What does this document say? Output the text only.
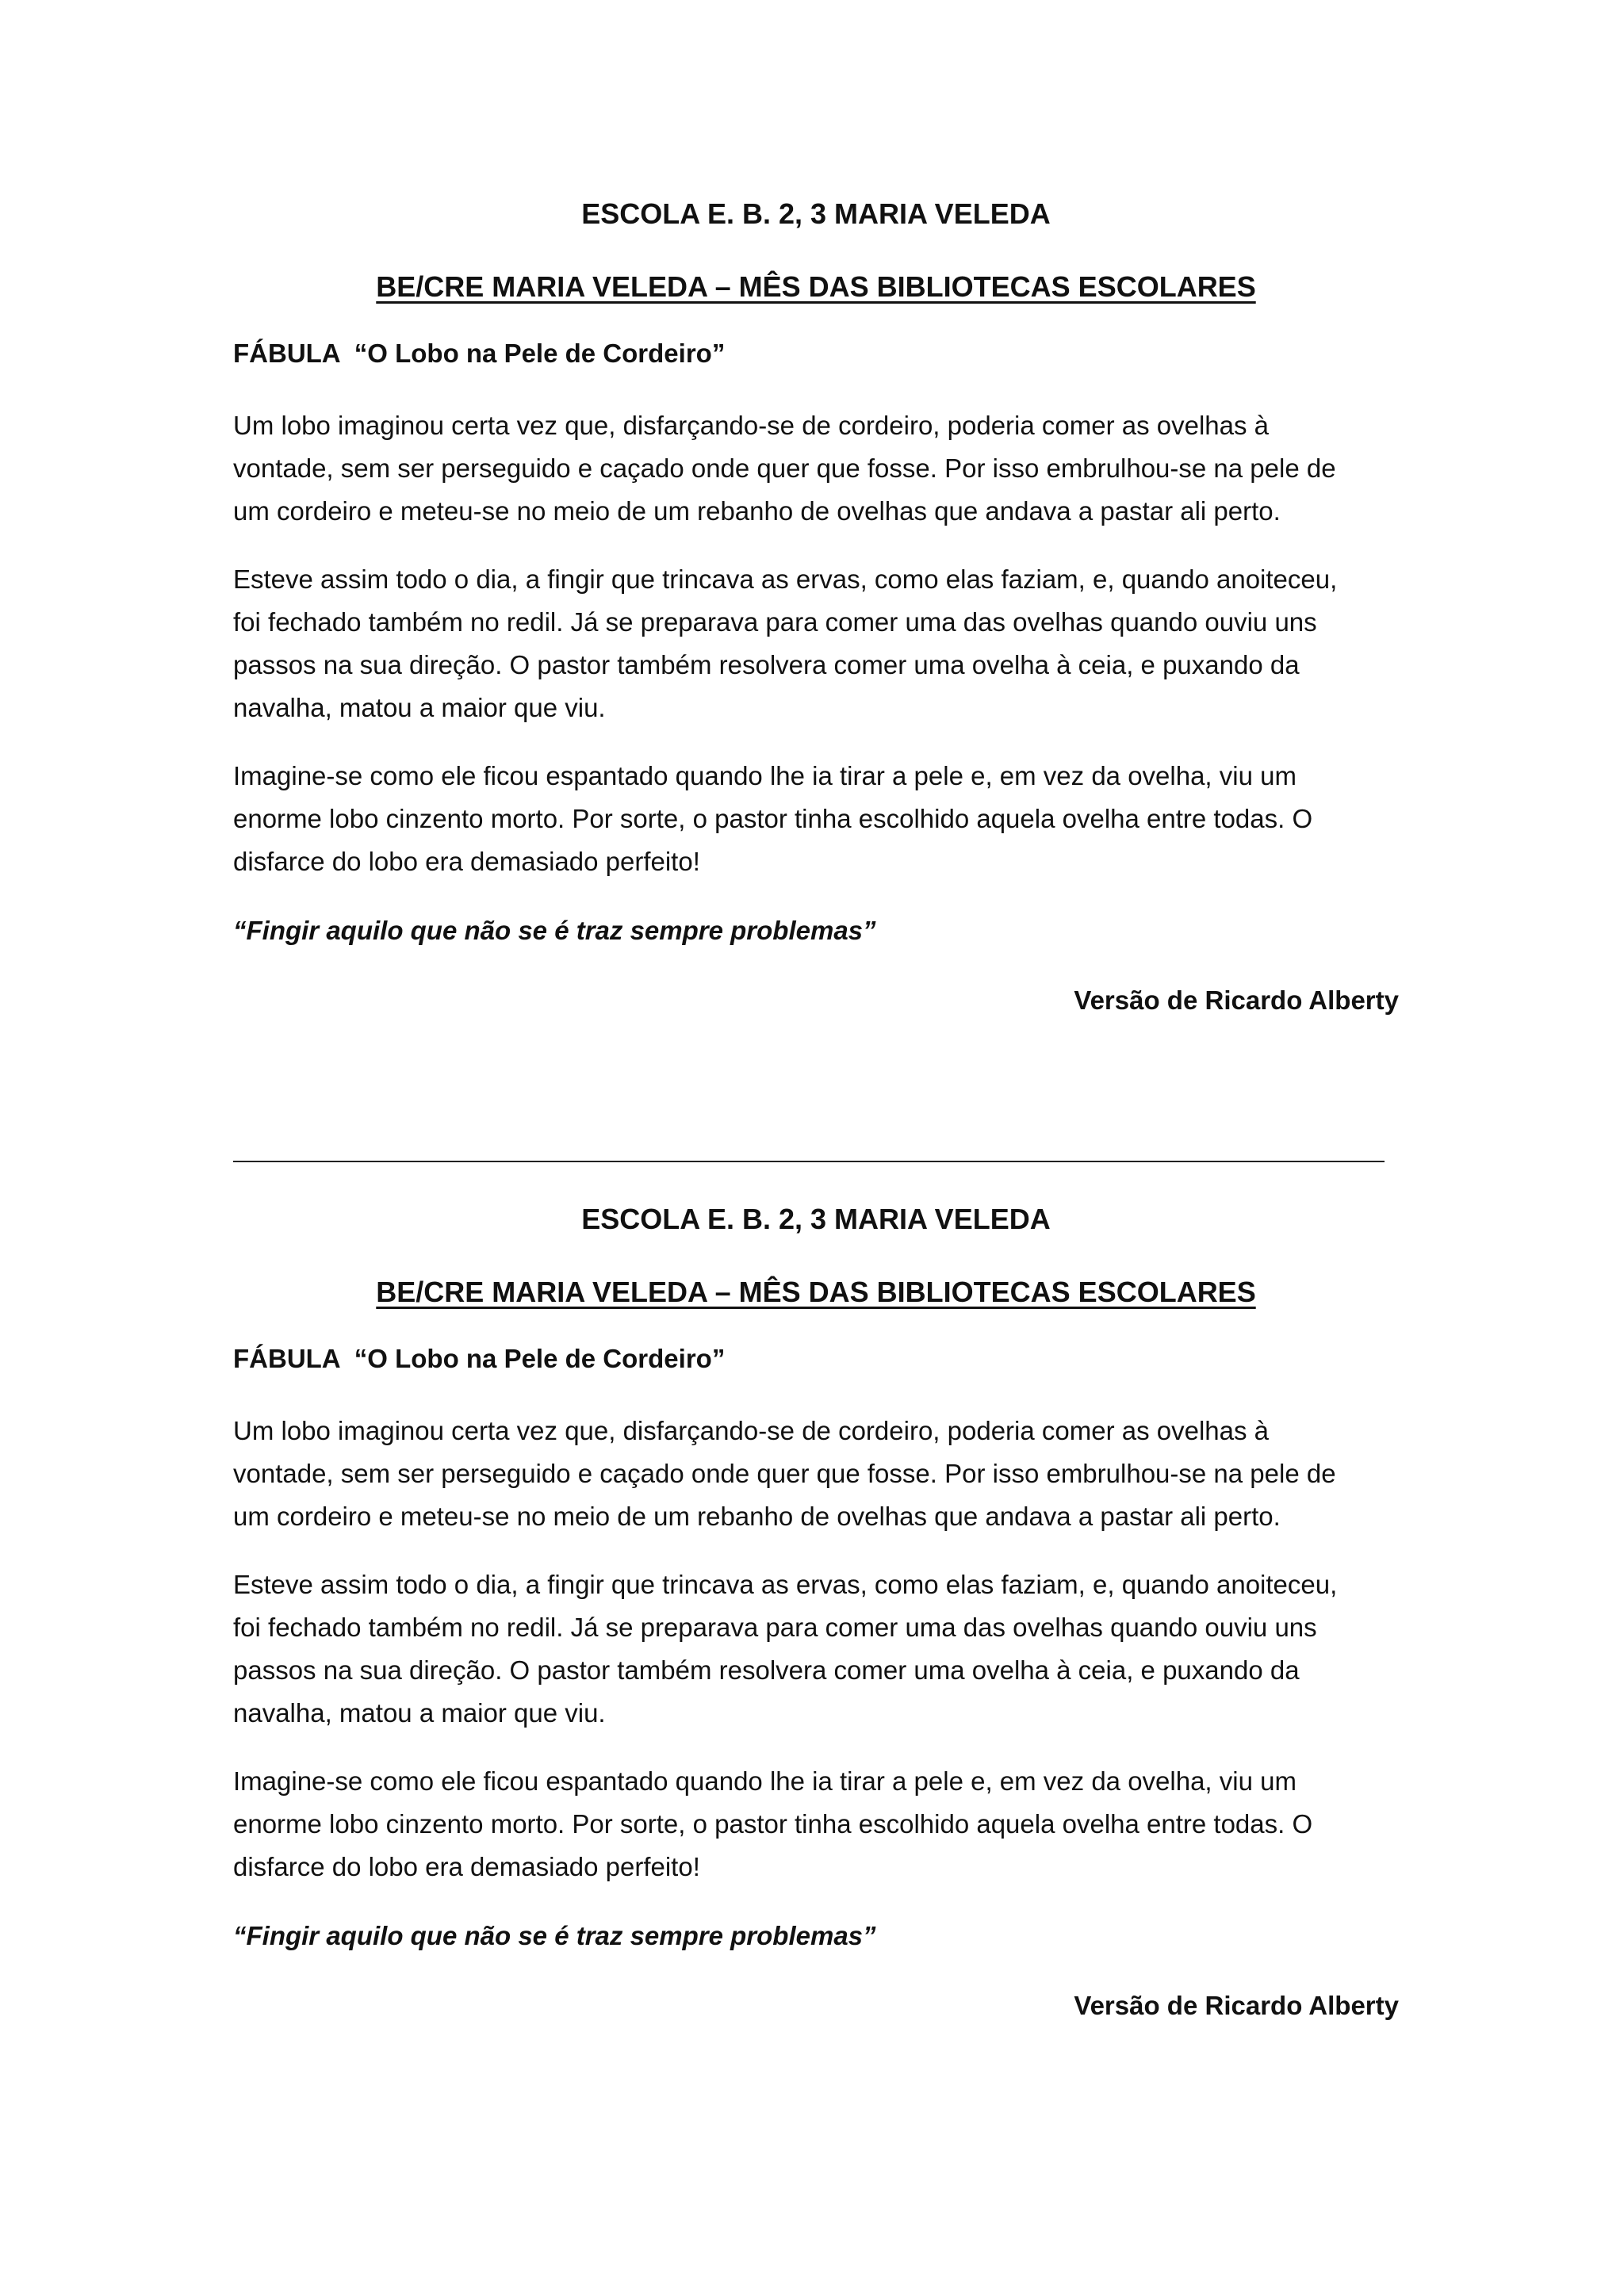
ESCOLA E. B. 2, 3 MARIA VELEDA
BE/CRE MARIA VELEDA – MÊS DAS BIBLIOTECAS ESCOLARES
FÁBULA  “O Lobo na Pele de Cordeiro”
Um lobo imaginou certa vez que, disfarçando-se de cordeiro, poderia comer as ovelhas à
vontade, sem ser perseguido e caçado onde quer que fosse. Por isso embrulhou-se na pele de
um cordeiro e meteu-se no meio de um rebanho de ovelhas que andava a pastar ali perto.
Esteve assim todo o dia, a fingir que trincava as ervas, como elas faziam, e, quando anoiteceu,
foi fechado também no redil. Já se preparava para comer uma das ovelhas quando ouviu uns
passos na sua direção. O pastor também resolvera comer uma ovelha à ceia, e puxando da
navalha, matou a maior que viu.
Imagine-se como ele ficou espantado quando lhe ia tirar a pele e, em vez da ovelha, viu um
enorme lobo cinzento morto. Por sorte, o pastor tinha escolhido aquela ovelha entre todas. O
disfarce do lobo era demasiado perfeito!
“Fingir aquilo que não se é traz sempre problemas”
Versão de Ricardo Alberty
ESCOLA E. B. 2, 3 MARIA VELEDA
BE/CRE MARIA VELEDA – MÊS DAS BIBLIOTECAS ESCOLARES
FÁBULA  “O Lobo na Pele de Cordeiro”
Um lobo imaginou certa vez que, disfarçando-se de cordeiro, poderia comer as ovelhas à
vontade, sem ser perseguido e caçado onde quer que fosse. Por isso embrulhou-se na pele de
um cordeiro e meteu-se no meio de um rebanho de ovelhas que andava a pastar ali perto.
Esteve assim todo o dia, a fingir que trincava as ervas, como elas faziam, e, quando anoiteceu,
foi fechado também no redil. Já se preparava para comer uma das ovelhas quando ouviu uns
passos na sua direção. O pastor também resolvera comer uma ovelha à ceia, e puxando da
navalha, matou a maior que viu.
Imagine-se como ele ficou espantado quando lhe ia tirar a pele e, em vez da ovelha, viu um
enorme lobo cinzento morto. Por sorte, o pastor tinha escolhido aquela ovelha entre todas. O
disfarce do lobo era demasiado perfeito!
“Fingir aquilo que não se é traz sempre problemas”
Versão de Ricardo Alberty
